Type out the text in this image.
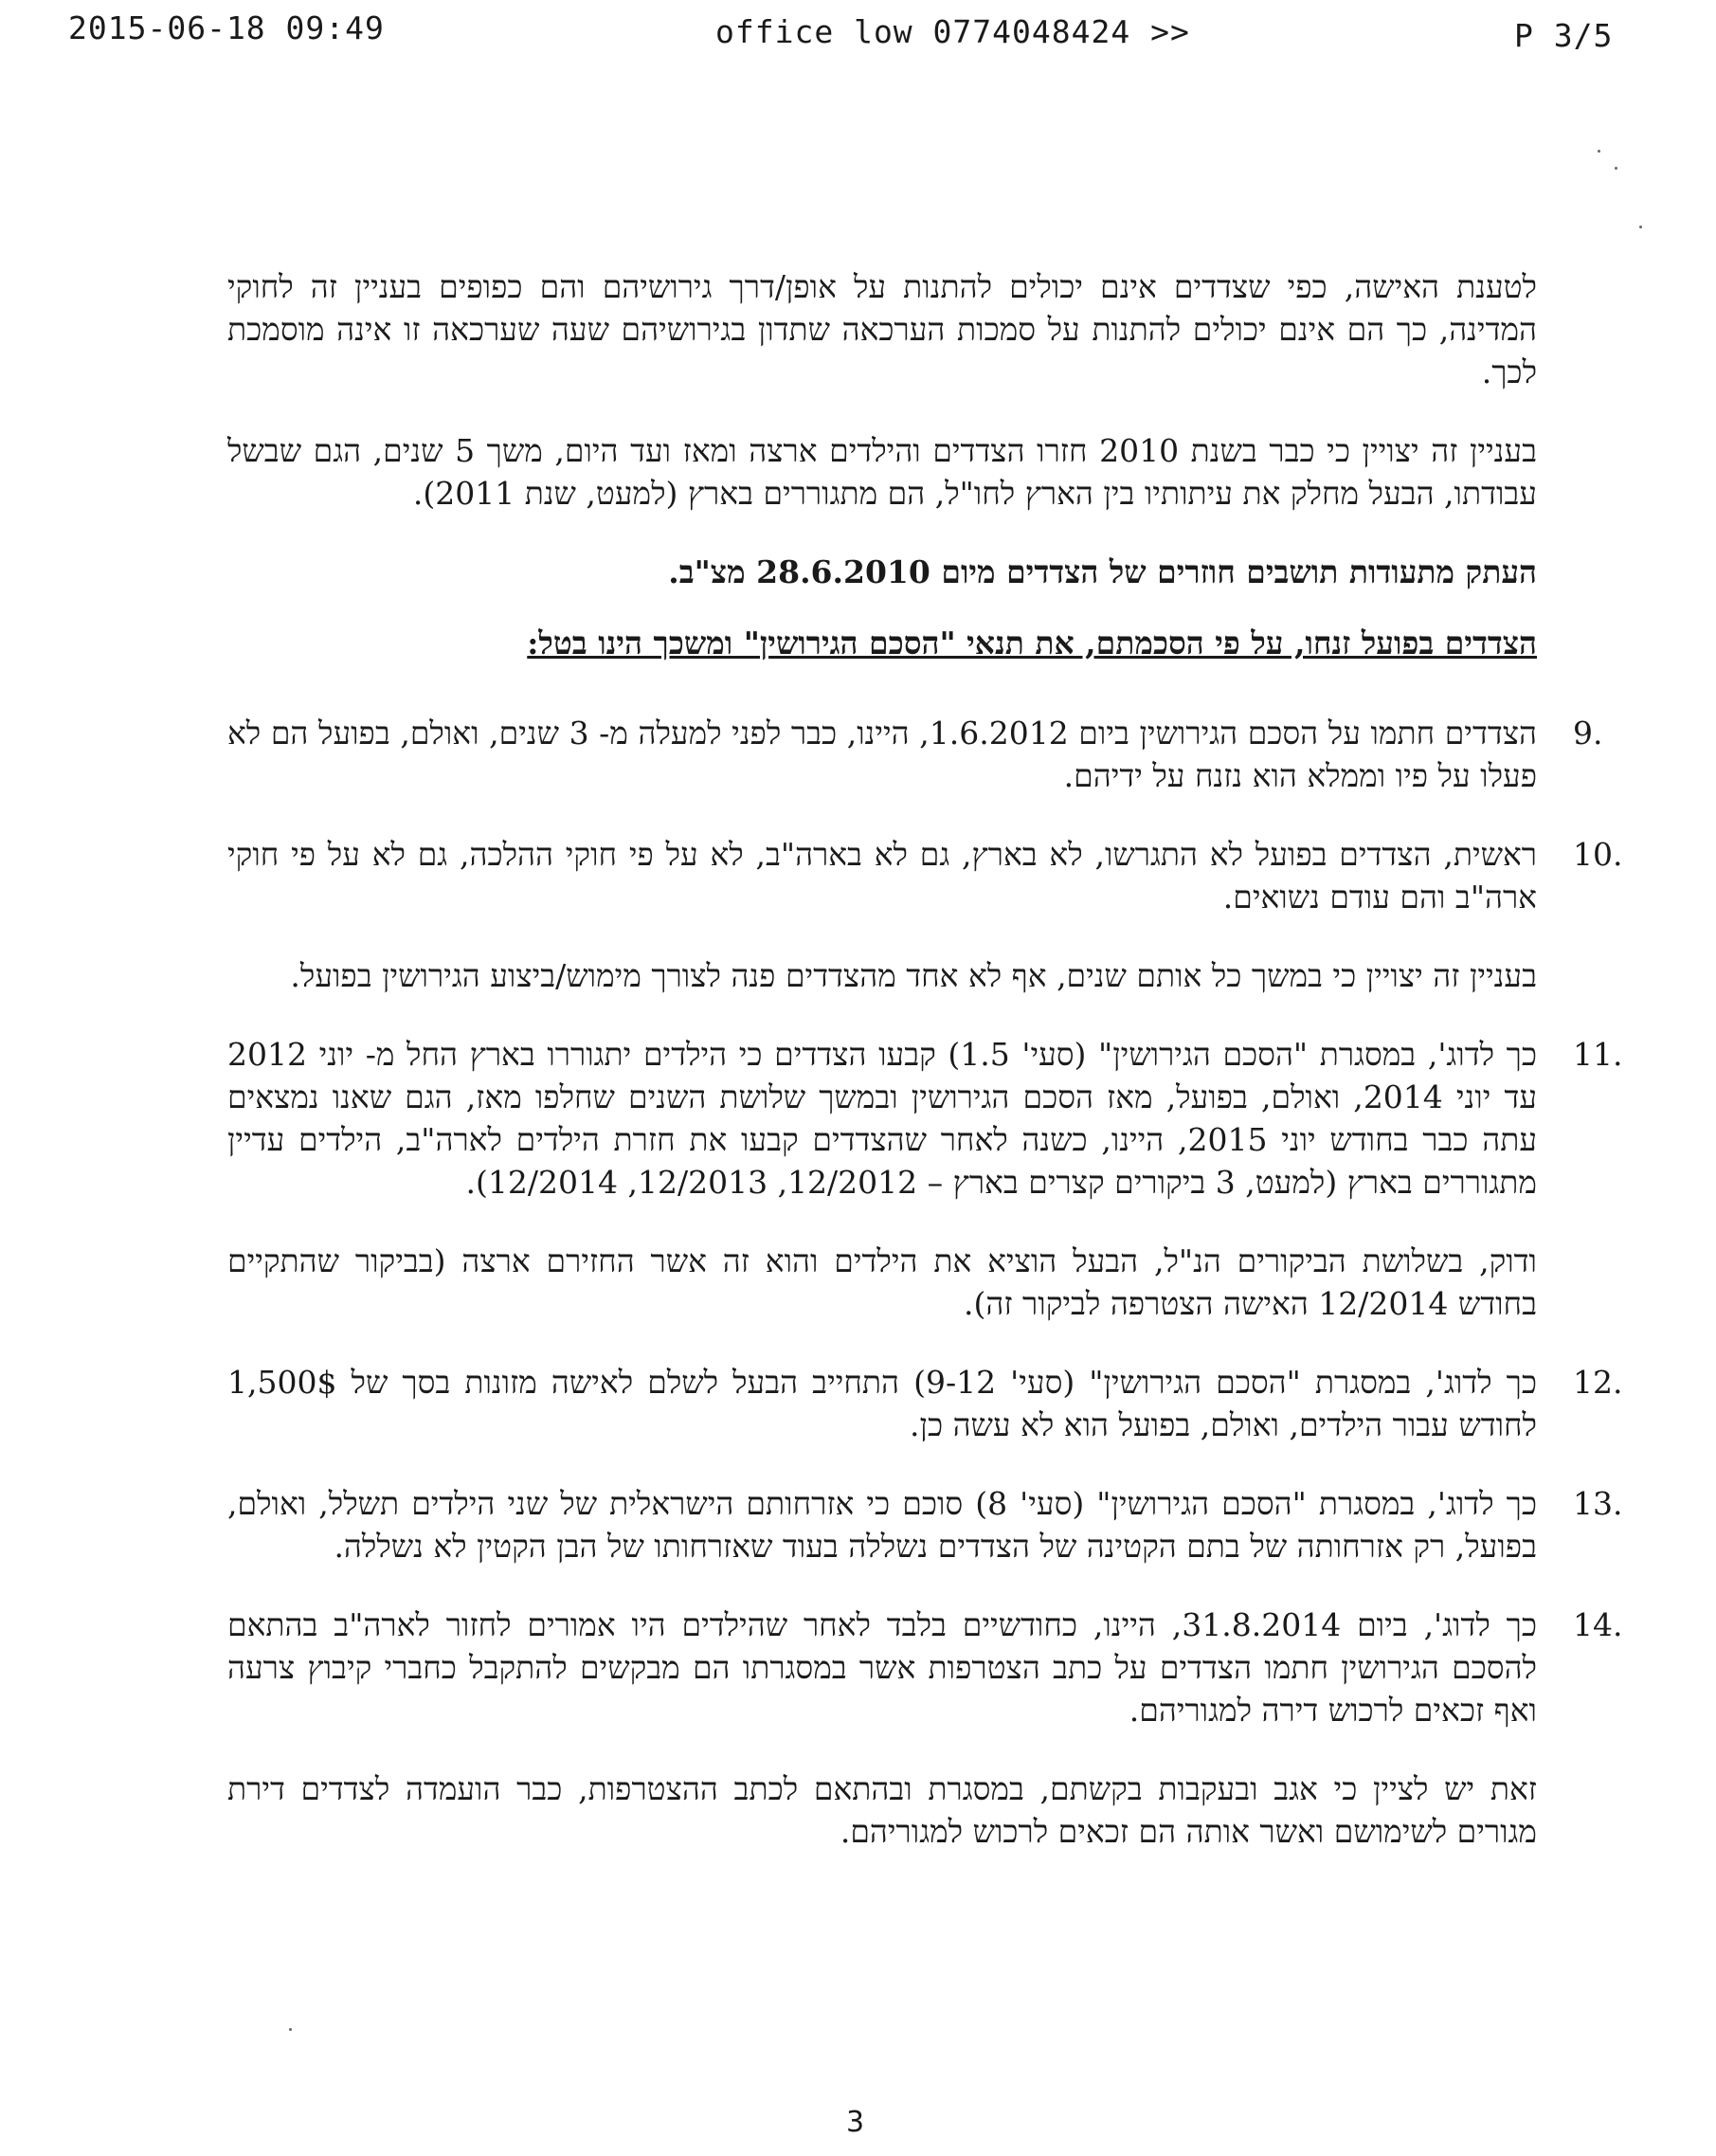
2015-06-18 09:49	office low 0774048424 >>	P 3/5

לטענת האישה, כפי שצדדים אינם יכולים להתנות על אופן/דרך גירושיהם והם כפופים בעניין זה לחוקי המדינה, כך הם אינם יכולים להתנות על סמכות הערכאה שתדון בגירושיהם שעה שערכאה זו אינה מוסמכת לכך.

בעניין זה יצויין כי כבר בשנת 2010 חזרו הצדדים והילדים ארצה ומאז ועד היום, משך 5 שנים, הגם שבשל עבודתו, הבעל מחלק את עיתותיו בין הארץ לחו"ל, הם מתגוררים בארץ (למעט, שנת 2011).

העתק מתעודות תושבים חוזרים של הצדדים מיום 28.6.2010 מצ"ב.

הצדדים בפועל זנחו, על פי הסכמתם, את תנאי "הסכם הגירושין" ומשכך הינו בטל:

9.
הצדדים חתמו על הסכם הגירושין ביום 1.6.2012, היינו, כבר לפני למעלה מ- 3 שנים, ואולם, בפועל הם לא פעלו על פיו וממלא הוא נזנח על ידיהם.
10.
ראשית, הצדדים בפועל לא התגרשו, לא בארץ, גם לא בארה"ב, לא על פי חוקי ההלכה, גם לא על פי חוקי ארה"ב והם עודם נשואים.

בעניין זה יצויין כי במשך כל אותם שנים, אף לא אחד מהצדדים פנה לצורך מימוש/ביצוע הגירושין בפועל.

11.
כך לדוג', במסגרת "הסכם הגירושין" (סעי' 1.5) קבעו הצדדים כי הילדים יתגוררו בארץ החל מ- יוני 2012 עד יוני 2014, ואולם, בפועל, מאז הסכם הגירושין ובמשך שלושת השנים שחלפו מאז, הגם שאנו נמצאים עתה כבר בחודש יוני 2015, היינו, כשנה לאחר שהצדדים קבעו את חזרת הילדים לארה"ב, הילדים עדיין מתגוררים בארץ (למעט, 3 ביקורים קצרים בארץ – 12/2012, 12/2013, 12/2014).

ודוק, בשלושת הביקורים הנ"ל, הבעל הוציא את הילדים והוא זה אשר החזירם ארצה (בביקור שהתקיים בחודש 12/2014 האישה הצטרפה לביקור זה).

12.
כך לדוג', במסגרת "הסכם הגירושין" (סעי' 9-12) התחייב הבעל לשלם לאישה מזונות בסך של 1,500$ לחודש עבור הילדים, ואולם, בפועל הוא לא עשה כן.
13.
כך לדוג', במסגרת "הסכם הגירושין" (סעי' 8) סוכם כי אזרחותם הישראלית של שני הילדים תשלל, ואולם, בפועל, רק אזרחותה של בתם הקטינה של הצדדים נשללה בעוד שאזרחותו של הבן הקטין לא נשללה.
14.
כך לדוג', ביום 31.8.2014, היינו, כחודשיים בלבד לאחר שהילדים היו אמורים לחזור לארה"ב בהתאם להסכם הגירושין חתמו הצדדים על כתב הצטרפות אשר במסגרתו הם מבקשים להתקבל כחברי קיבוץ צרעה ואף זכאים לרכוש דירה למגוריהם.

זאת יש לציין כי אגב ובעקבות בקשתם, במסגרת ובהתאם לכתב ההצטרפות, כבר הועמדה לצדדים דירת מגורים לשימושם ואשר אותה הם זכאים לרכוש למגוריהם.

3
